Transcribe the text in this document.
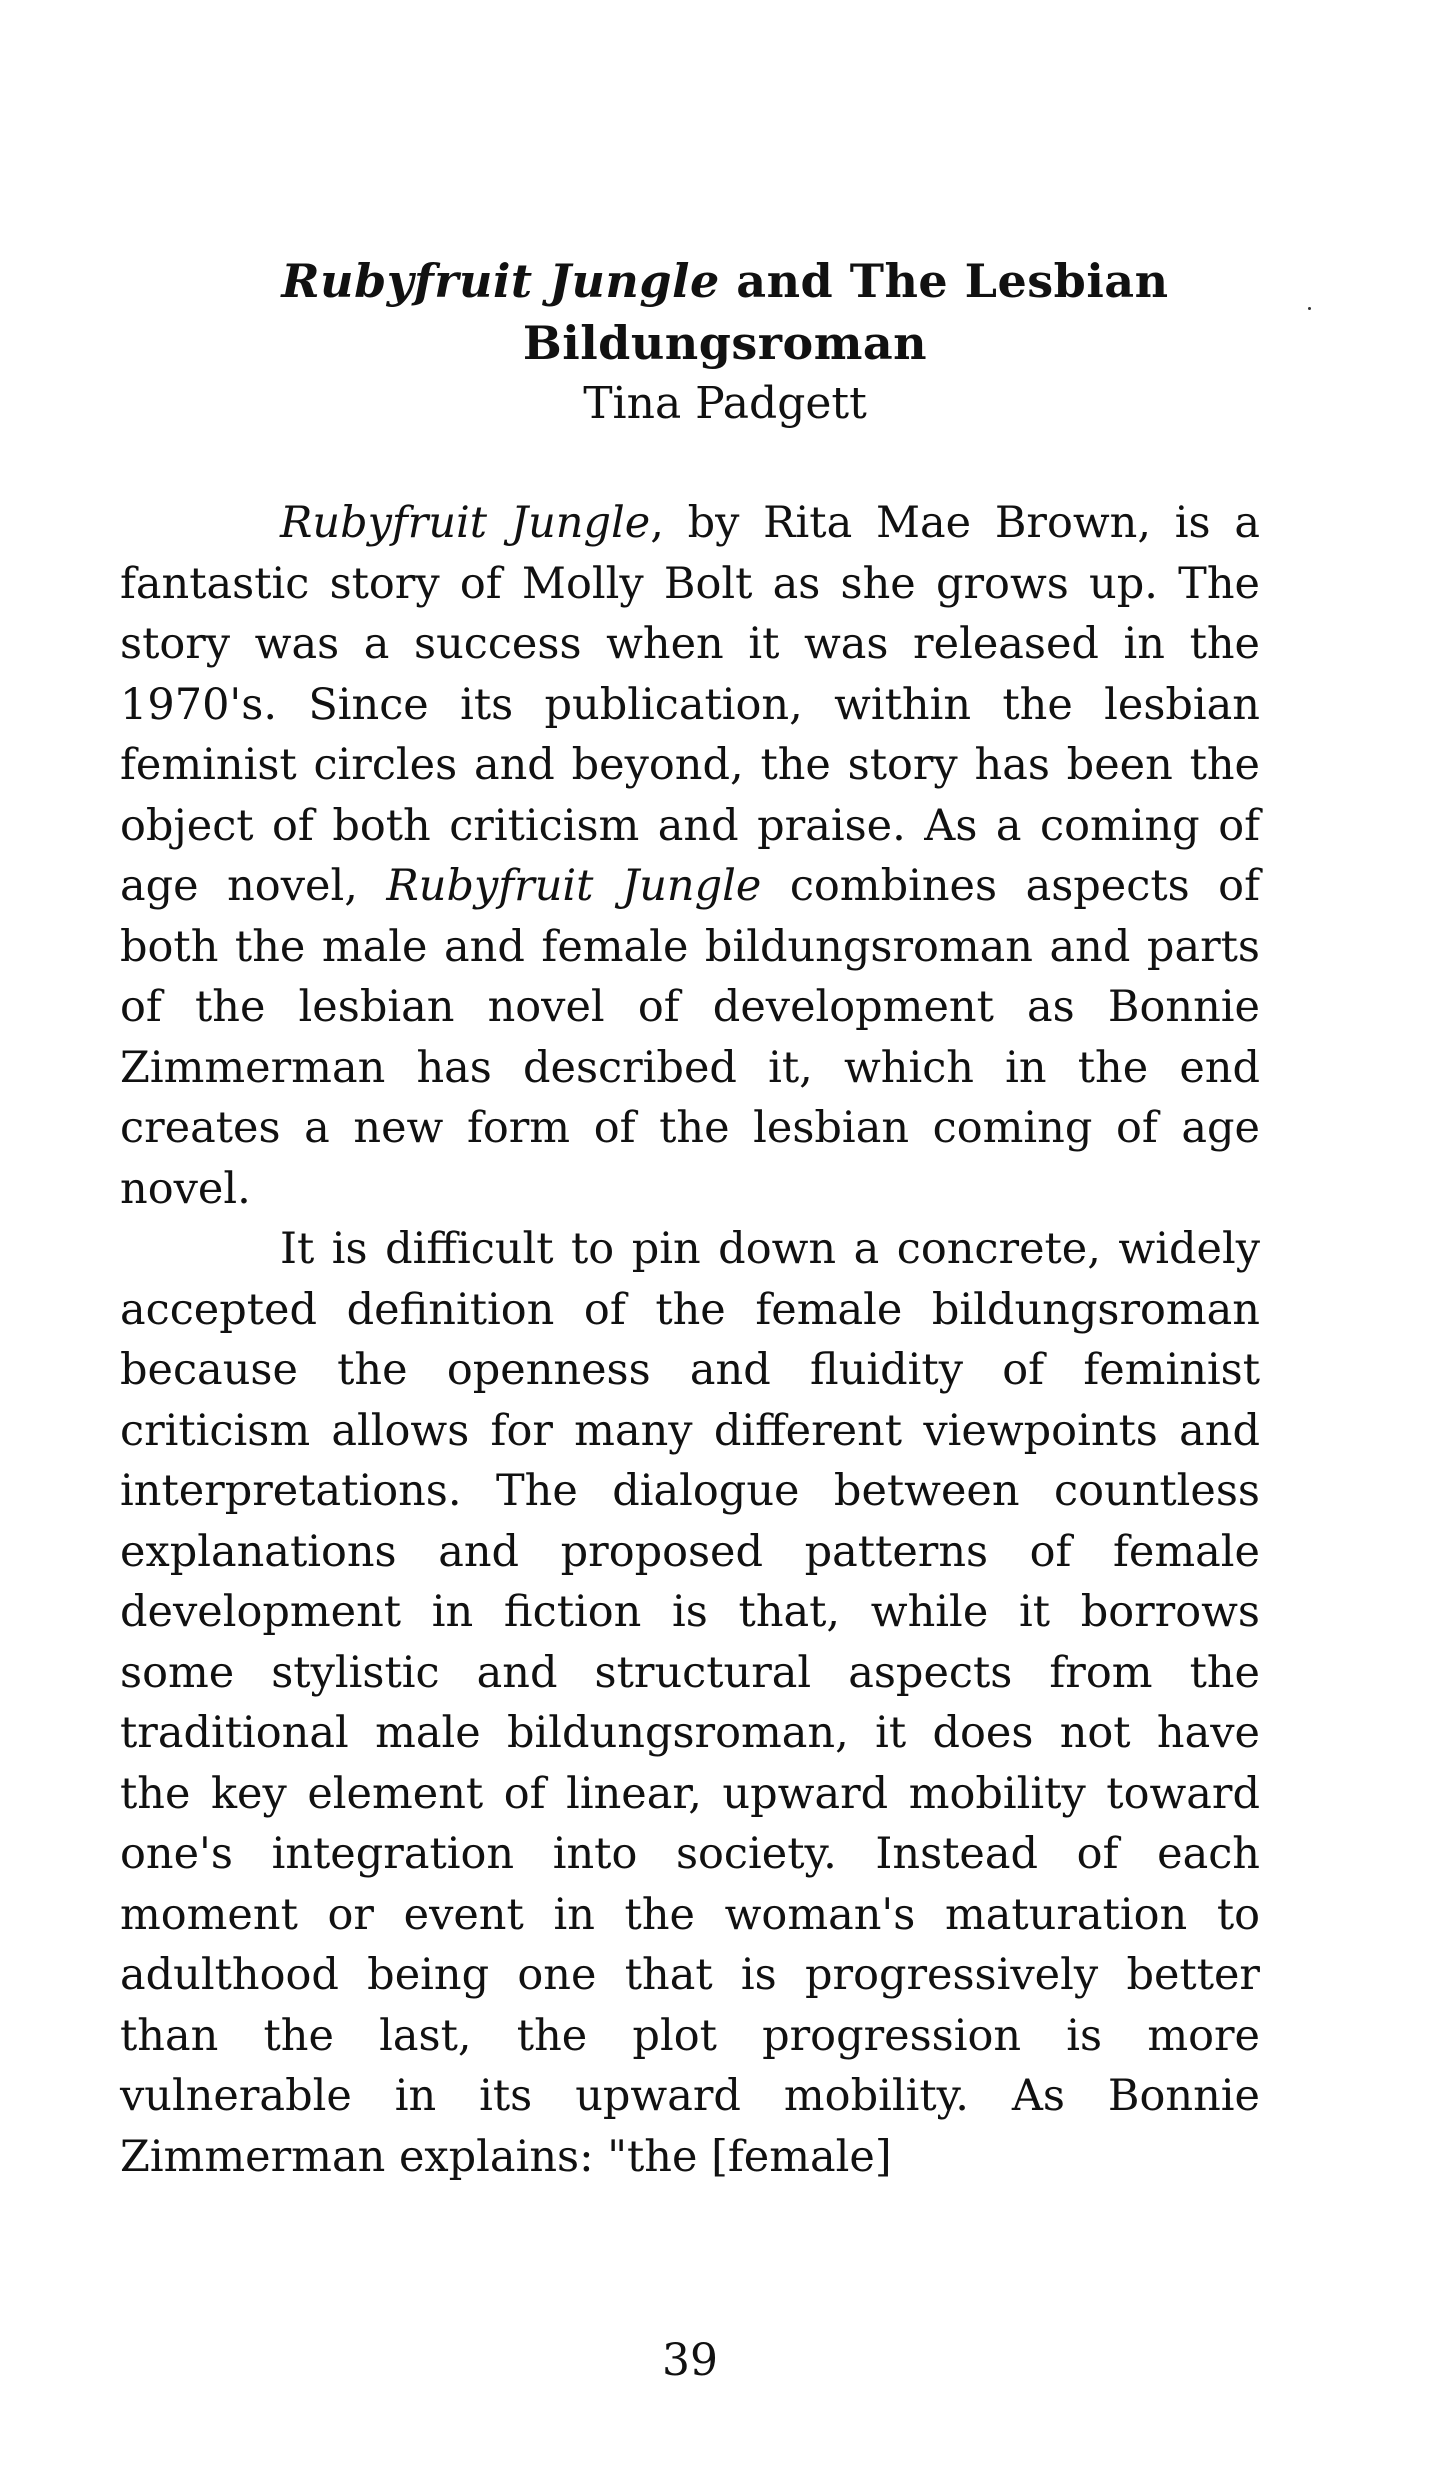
Rubyfruit Jungle and The Lesbian
Bildungsroman
Tina Padgett

Rubyfruit Jungle, by Rita Mae Brown, is a fantastic story of Molly Bolt as she grows up. The story was a success when it was released in the 1970's. Since its publication, within the lesbian feminist circles and beyond, the story has been the object of both criticism and praise. As a coming of age novel, Rubyfruit Jungle combines aspects of both the male and female bildungsroman and parts of the lesbian novel of development as Bonnie Zimmerman has described it, which in the end creates a new form of the lesbian coming of age novel.

It is difficult to pin down a concrete, widely accepted definition of the female bildungsroman because the openness and fluidity of feminist criticism allows for many different viewpoints and interpretations. The dialogue between countless explanations and proposed patterns of female development in fiction is that, while it borrows some stylistic and structural aspects from the traditional male bildungsroman, it does not have the key element of linear, upward mobility toward one's integration into society. Instead of each moment or event in the woman's maturation to adulthood being one that is progressively better than the last, the plot progression is more vulnerable in its upward mobility. As Bonnie Zimmerman explains: "the [female]

39
